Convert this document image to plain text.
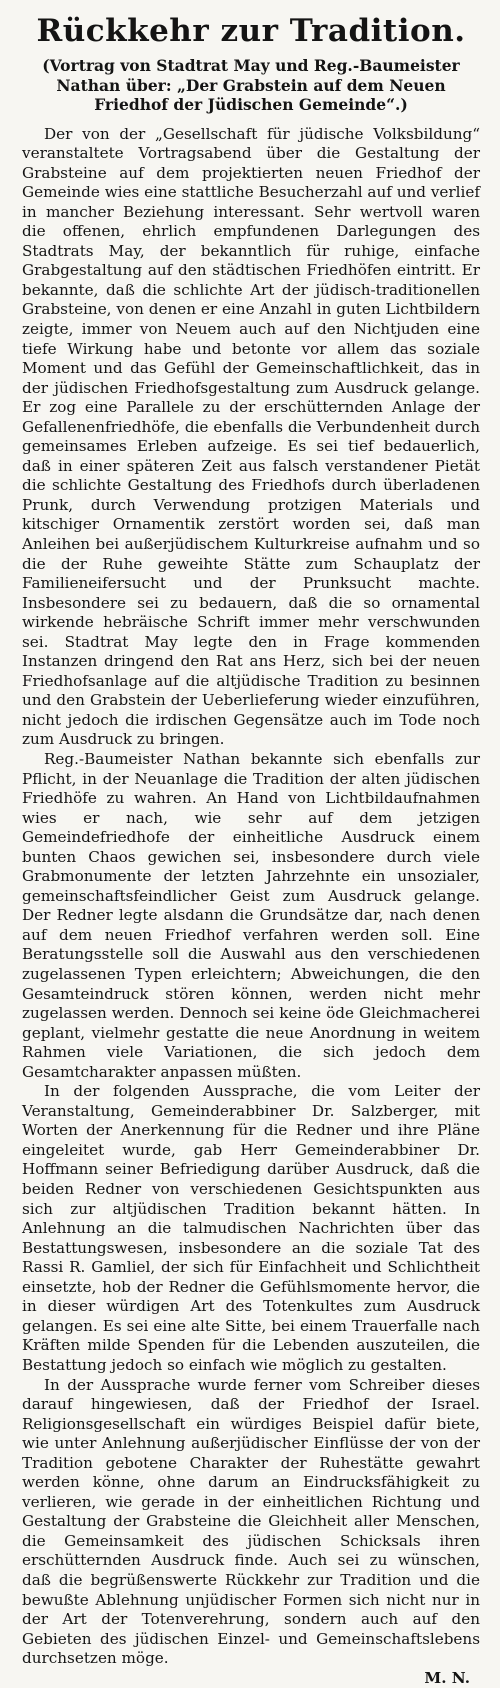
Rückkehr zur Tradition.

(Vortrag von Stadtrat May und Reg.-Baumeister Nathan über: „Der Grabstein auf dem Neuen Friedhof der Jüdischen Gemeinde“.)

Der von der „Gesellschaft für jüdische Volksbildung“ veranstaltete Vortragsabend über die Gestaltung der Grabsteine auf dem projektierten neuen Friedhof der Gemeinde wies eine stattliche Besucherzahl auf und verlief in mancher Beziehung interessant. Sehr wertvoll waren die offenen, ehrlich empfundenen Darlegungen des Stadtrats May, der bekanntlich für ruhige, einfache Grabgestaltung auf den städtischen Friedhöfen eintritt. Er bekannte, daß die schlichte Art der jüdisch-traditionellen Grabsteine, von denen er eine Anzahl in guten Lichtbildern zeigte, immer von Neuem auch auf den Nichtjuden eine tiefe Wirkung habe und betonte vor allem das soziale Moment und das Gefühl der Gemeinschaftlichkeit, das in der jüdischen Friedhofsgestaltung zum Ausdruck gelange. Er zog eine Parallele zu der erschütternden Anlage der Gefallenenfriedhöfe, die ebenfalls die Verbundenheit durch gemeinsames Erleben aufzeige. Es sei tief bedauerlich, daß in einer späteren Zeit aus falsch verstandener Pietät die schlichte Gestaltung des Friedhofs durch überladenen Prunk, durch Verwendung protzigen Materials und kitschiger Ornamentik zerstört worden sei, daß man Anleihen bei außerjüdischem Kulturkreise aufnahm und so die der Ruhe geweihte Stätte zum Schauplatz der Familieneifersucht und der Prunksucht machte. Insbesondere sei zu bedauern, daß die so ornamental wirkende hebräische Schrift immer mehr verschwunden sei. Stadtrat May legte den in Frage kommenden Instanzen dringend den Rat ans Herz, sich bei der neuen Friedhofsanlage auf die altjüdische Tradition zu besinnen und den Grabstein der Ueberlieferung wieder einzuführen, nicht jedoch die irdischen Gegensätze auch im Tode noch zum Ausdruck zu bringen.

Reg.-Baumeister Nathan bekannte sich ebenfalls zur Pflicht, in der Neuanlage die Tradition der alten jüdischen Friedhöfe zu wahren. An Hand von Lichtbildaufnahmen wies er nach, wie sehr auf dem jetzigen Gemeindefriedhofe der einheitliche Ausdruck einem bunten Chaos gewichen sei, insbesondere durch viele Grabmonumente der letzten Jahrzehnte ein unsozialer, gemeinschaftsfeindlicher Geist zum Ausdruck gelange. Der Redner legte alsdann die Grundsätze dar, nach denen auf dem neuen Friedhof verfahren werden soll. Eine Beratungsstelle soll die Auswahl aus den verschiedenen zugelassenen Typen erleichtern; Abweichungen, die den Gesamteindruck stören können, werden nicht mehr zugelassen werden. Dennoch sei keine öde Gleichmacherei geplant, vielmehr gestatte die neue Anordnung in weitem Rahmen viele Variationen, die sich jedoch dem Gesamtcharakter anpassen müßten.

In der folgenden Aussprache, die vom Leiter der Veranstaltung, Gemeinderabbiner Dr. Salzberger, mit Worten der Anerkennung für die Redner und ihre Pläne eingeleitet wurde, gab Herr Gemeinderabbiner Dr. Hoffmann seiner Befriedigung darüber Ausdruck, daß die beiden Redner von verschiedenen Gesichtspunkten aus sich zur altjüdischen Tradition bekannt hätten. In Anlehnung an die talmudischen Nachrichten über das Bestattungswesen, insbesondere an die soziale Tat des Rassi R. Gamliel, der sich für Einfachheit und Schlichtheit einsetzte, hob der Redner die Gefühlsmomente hervor, die in dieser würdigen Art des Totenkultes zum Ausdruck gelangen. Es sei eine alte Sitte, bei einem Trauerfalle nach Kräften milde Spenden für die Lebenden auszuteilen, die Bestattung jedoch so einfach wie möglich zu gestalten.

In der Aussprache wurde ferner vom Schreiber dieses darauf hingewiesen, daß der Friedhof der Israel. Religionsgesellschaft ein würdiges Beispiel dafür biete, wie unter Anlehnung außerjüdischer Einflüsse der von der Tradition gebotene Charakter der Ruhestätte gewahrt werden könne, ohne darum an Eindrucksfähigkeit zu verlieren, wie gerade in der einheitlichen Richtung und Gestaltung der Grabsteine die Gleichheit aller Menschen, die Gemeinsamkeit des jüdischen Schicksals ihren erschütternden Ausdruck finde. Auch sei zu wünschen, daß die begrüßenswerte Rückkehr zur Tradition und die bewußte Ablehnung unjüdischer Formen sich nicht nur in der Art der Totenverehrung, sondern auch auf den Gebieten des jüdischen Einzel- und Gemeinschaftslebens durchsetzen möge.

M. N.
